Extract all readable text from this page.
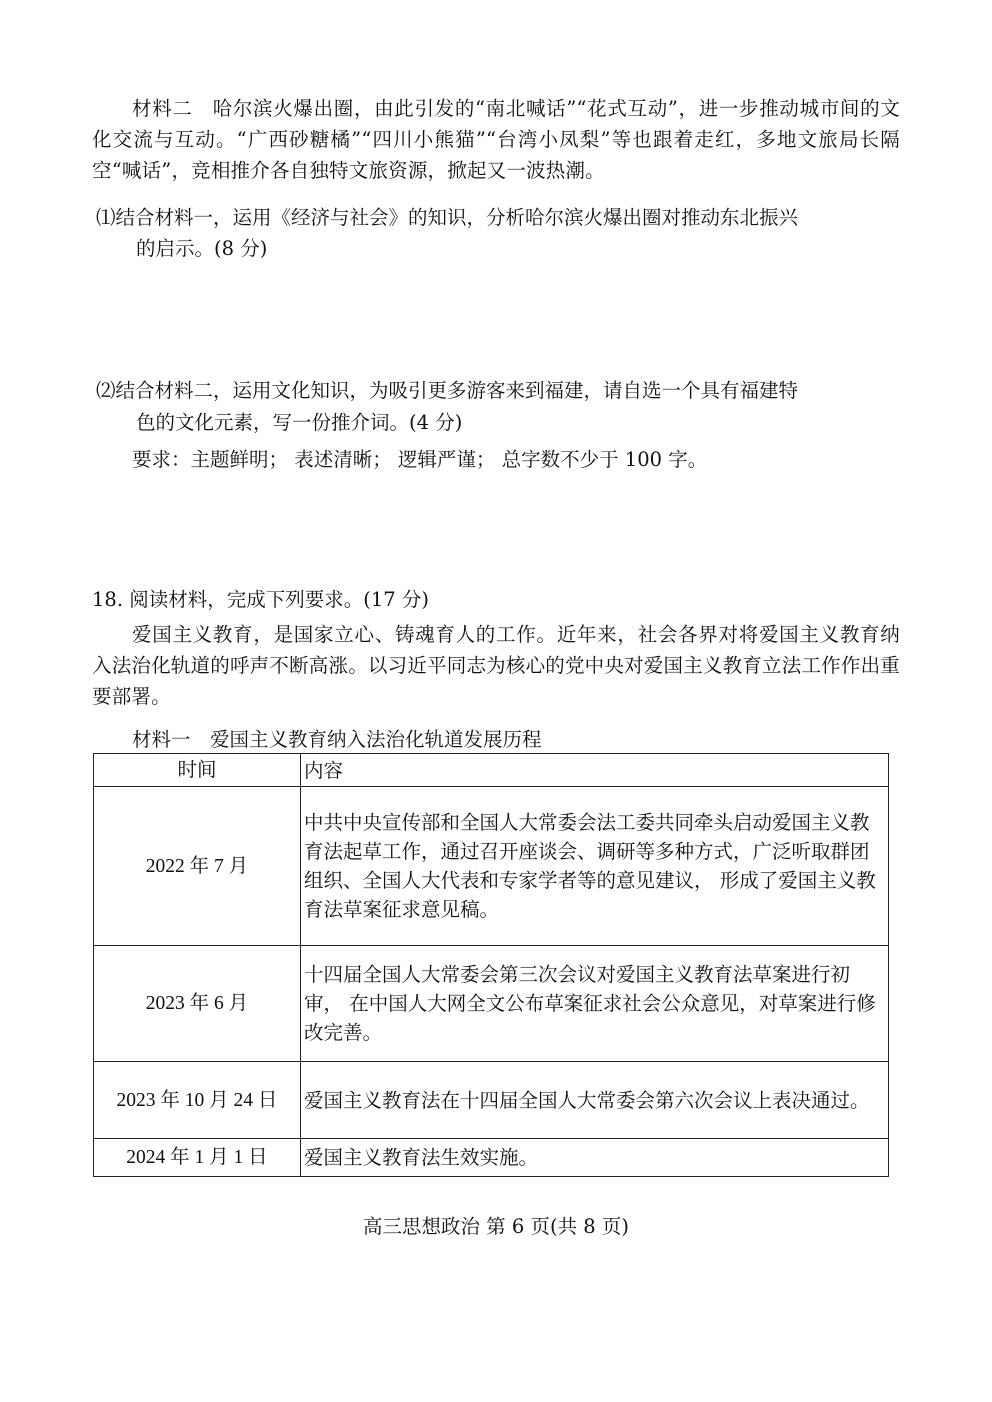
材料二　哈尔滨火爆出圈，由此引发的“南北喊话”“花式互动”，进一步推动城市间的文化交流与互动。“广西砂糖橘”“四川小熊猫”“台湾小凤梨”等也跟着走红，多地文旅局长隔空“喊话”，竞相推介各自独特文旅资源，掀起又一波热潮。

⑴结合材料一，运用《经济与社会》的知识，分析哈尔滨火爆出圈对推动东北振兴

的启示。(8 分)

⑵结合材料二，运用文化知识，为吸引更多游客来到福建，请自选一个具有福建特

色的文化元素，写一份推介词。(4 分)

要求：主题鲜明； 表述清晰； 逻辑严谨； 总字数不少于 100 字。

18. 阅读材料，完成下列要求。(17 分)

爱国主义教育，是国家立心、铸魂育人的工作。近年来，社会各界对将爱国主义教育纳入法治化轨道的呼声不断高涨。以习近平同志为核心的党中央对爱国主义教育立法工作作出重要部署。

材料一　爱国主义教育纳入法治化轨道发展历程

时间	内容
2022 年 7 月	中共中央宣传部和全国人大常委会法工委共同牵头启动爱国主义教育法起草工作，通过召开座谈会、调研等多种方式，广泛听取群团组织、全国人大代表和专家学者等的意见建议， 形成了爱国主义教育法草案征求意见稿。
2023 年 6 月	十四届全国人大常委会第三次会议对爱国主义教育法草案进行初审， 在中国人大网全文公布草案征求社会公众意见，对草案进行修改完善。
2023 年 10 月 24 日	爱国主义教育法在十四届全国人大常委会第六次会议上表决通过。
2024 年 1 月 1 日	爱国主义教育法生效实施。

高三思想政治 第 6 页(共 8 页)
